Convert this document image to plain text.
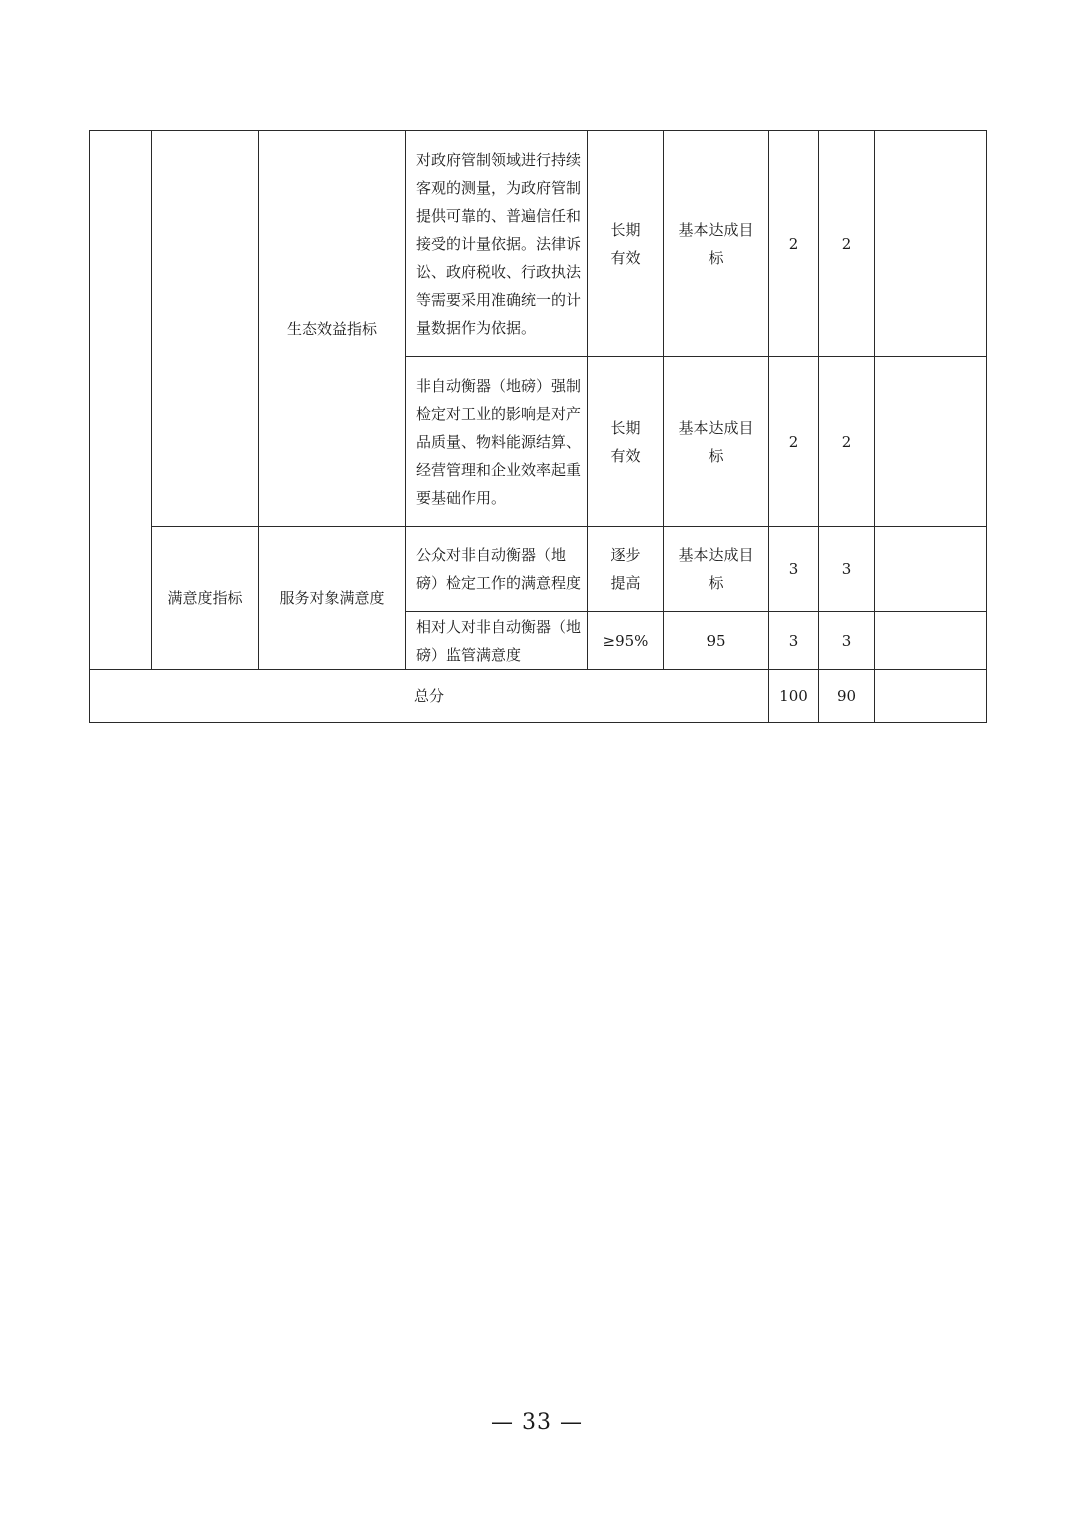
		生态效益指标	对政府管制领域进行持续客观的测量，为政府管制提供可靠的、普遍信任和接受的计量依据。法律诉讼、政府税收、行政执法等需要采用准确统一的计量数据作为依据。	长期有效	基本达成目标	2	2	
			非自动衡器（地磅）强制检定对工业的影响是对产品质量、物料能源结算、经营管理和企业效率起重要基础作用。	长期有效	基本达成目标	2	2	
	满意度指标	服务对象满意度	公众对非自动衡器（地磅）检定工作的满意程度	逐步提高	基本达成目标	3	3	
			相对人对非自动衡器（地磅）监管满意度	≥95%	95	3	3	
总分						100	90	
— 33 —
